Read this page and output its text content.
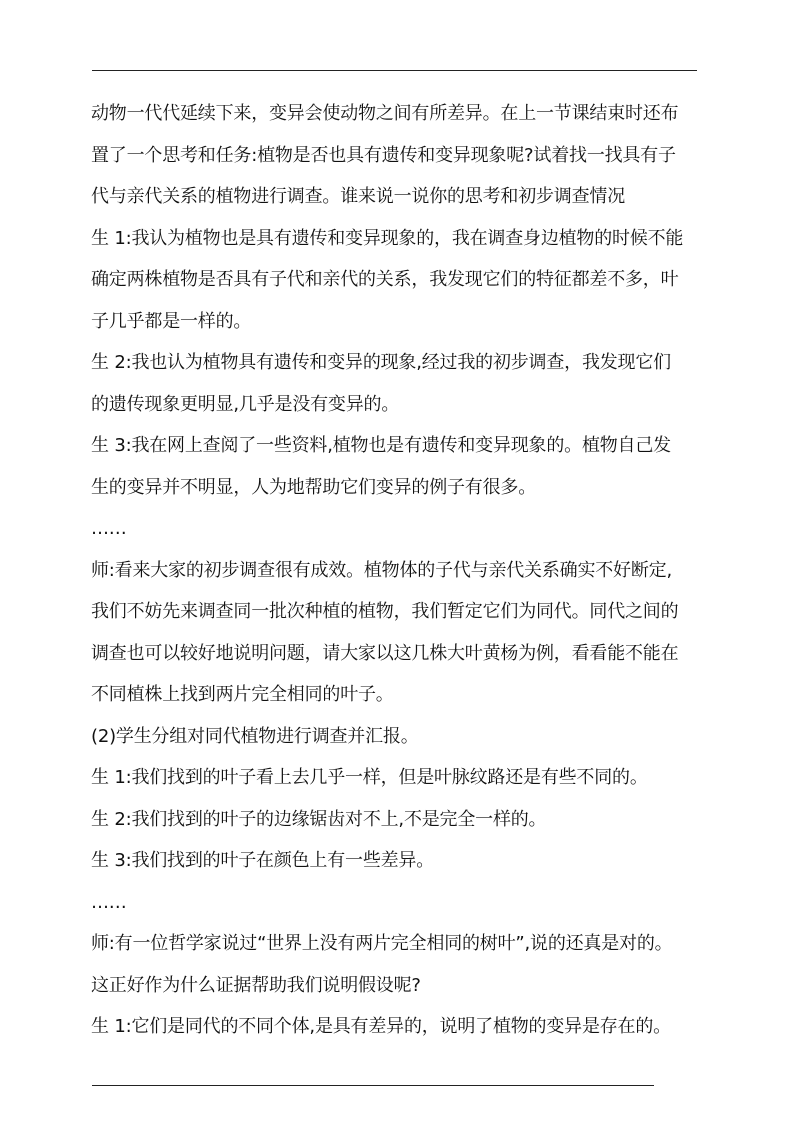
动物一代代延续下来，变异会使动物之间有所差异。在上一节课结束时还布
置了一个思考和任务:植物是否也具有遗传和变异现象呢?试着找一找具有子
代与亲代关系的植物进行调查。谁来说一说你的思考和初步调查情况
生 1:我认为植物也是具有遗传和变异现象的，我在调查身边植物的时候不能
确定两株植物是否具有子代和亲代的关系，我发现它们的特征都差不多，叶
子几乎都是一样的。
生 2:我也认为植物具有遗传和变异的现象,经过我的初步调查，我发现它们
的遗传现象更明显,几乎是没有变异的。
生 3:我在网上查阅了一些资料,植物也是有遗传和变异现象的。植物自己发
生的变异并不明显，人为地帮助它们变异的例子有很多。
……
师:看来大家的初步调查很有成效。植物体的子代与亲代关系确实不好断定,
我们不妨先来调查同一批次种植的植物，我们暂定它们为同代。同代之间的
调查也可以较好地说明问题，请大家以这几株大叶黄杨为例，看看能不能在
不同植株上找到两片完全相同的叶子。
(2)学生分组对同代植物进行调查并汇报。
生 1:我们找到的叶子看上去几乎一样，但是叶脉纹路还是有些不同的。
生 2:我们找到的叶子的边缘锯齿对不上,不是完全一样的。
生 3:我们找到的叶子在颜色上有一些差异。
……
师:有一位哲学家说过“世界上没有两片完全相同的树叶”,说的还真是对的。
这正好作为什么证据帮助我们说明假设呢?
生 1:它们是同代的不同个体,是具有差异的，说明了植物的变异是存在的。
